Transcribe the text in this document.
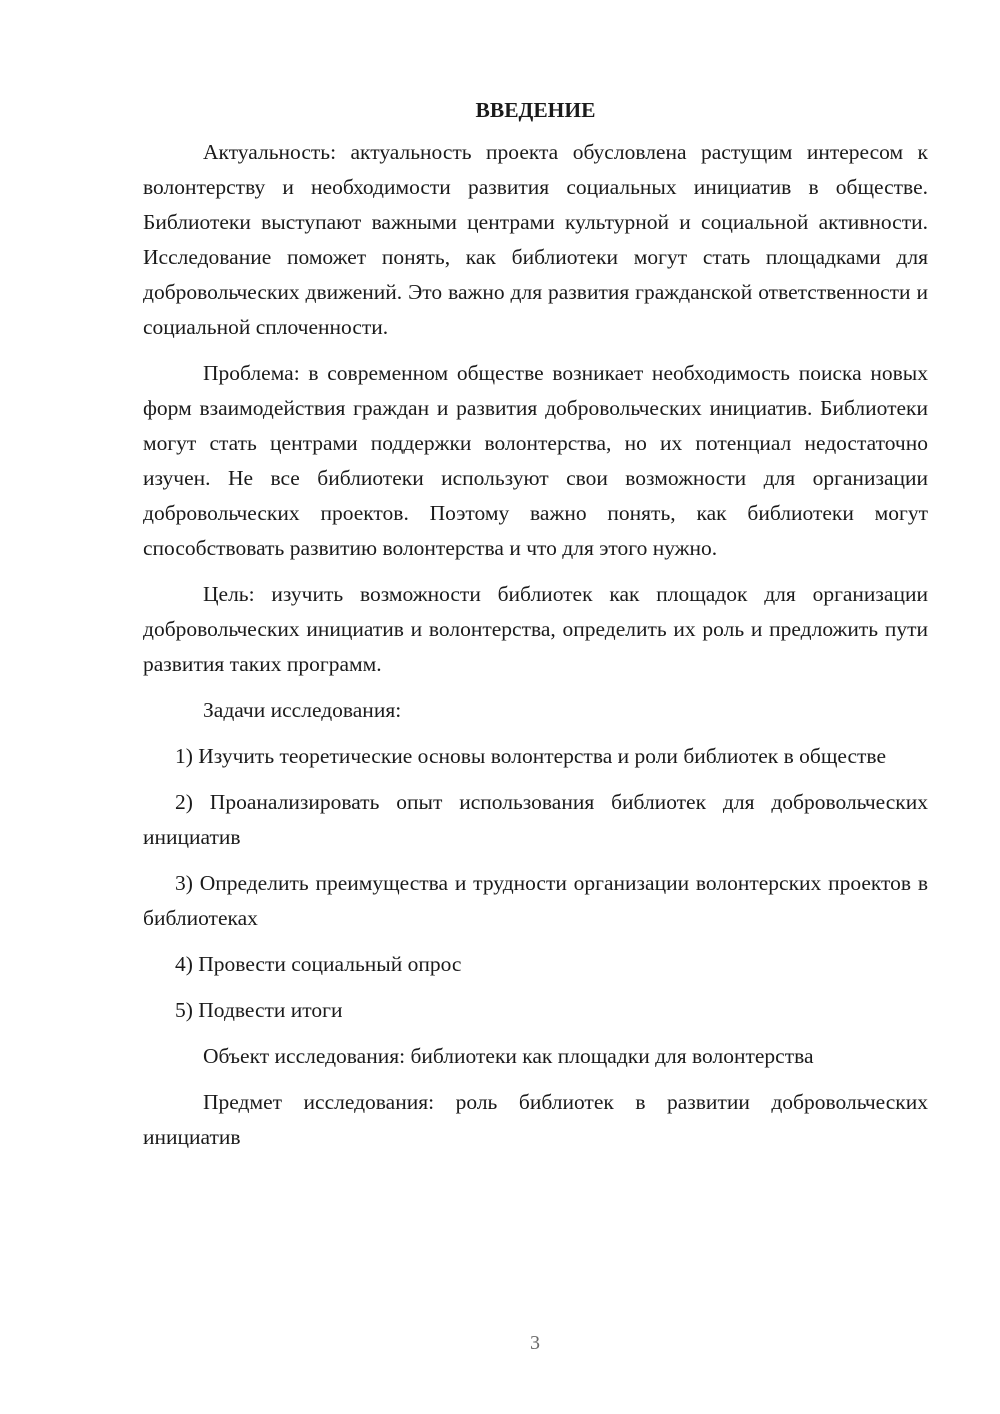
ВВЕДЕНИЕ

Актуальность: актуальность проекта обусловлена растущим интересом к волонтерству и необходимости развития социальных инициатив в обществе. Библиотеки выступают важными центрами культурной и социальной активности. Исследование поможет понять, как библиотеки могут стать площадками для добровольческих движений. Это важно для развития гражданской ответственности и социальной сплоченности.

Проблема: в современном обществе возникает необходимость поиска новых форм взаимодействия граждан и развития добровольческих инициатив. Библиотеки могут стать центрами поддержки волонтерства, но их потенциал недостаточно изучен. Не все библиотеки используют свои возможности для организации добровольческих проектов. Поэтому важно понять, как библиотеки могут способствовать развитию волонтерства и что для этого нужно.

Цель: изучить возможности библиотек как площадок для организации добровольческих инициатив и волонтерства, определить их роль и предложить пути развития таких программ.

Задачи исследования:

1) Изучить теоретические основы волонтерства и роли библиотек в обществе

2) Проанализировать опыт использования библиотек для добровольческих инициатив

3) Определить преимущества и трудности организации волонтерских проектов в библиотеках

4) Провести социальный опрос

5) Подвести итоги

Объект исследования: библиотеки как площадки для волонтерства

Предмет исследования: роль библиотек в развитии добровольческих инициатив

3
